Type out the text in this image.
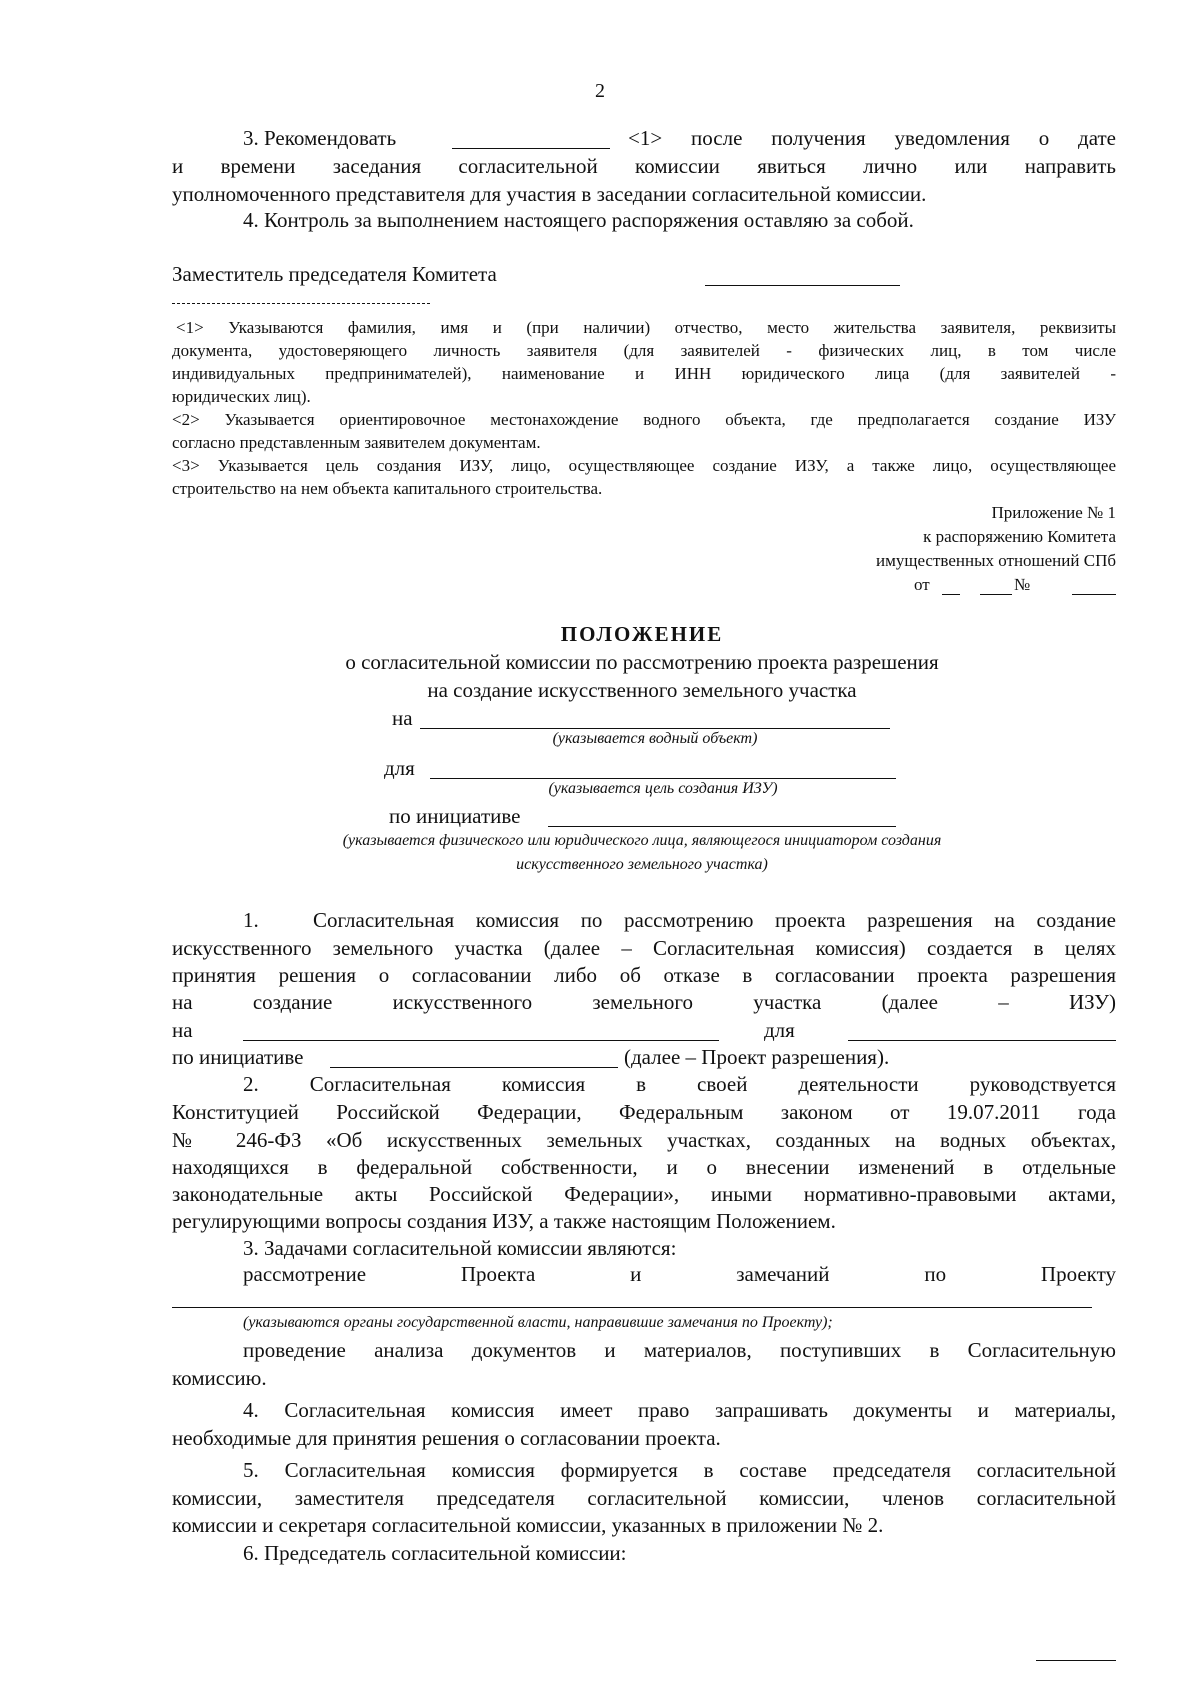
2
3. Рекомендовать	<1> после получения уведомления о дате
и времени заседания согласительной комиссии явиться лично или направить
уполномоченного представителя для участия в заседании согласительной комиссии.
4. Контроль за выполнением настоящего распоряжения оставляю за собой.
Заместитель председателя Комитета
<1> Указываются фамилия, имя и (при наличии) отчество, место жительства заявителя, реквизиты
документа, удостоверяющего личность заявителя (для заявителей - физических лиц, в том числе
индивидуальных предпринимателей), наименование и ИНН юридического лица (для заявителей -
юридических лиц).
<2> Указывается ориентировочное местонахождение водного объекта, где предполагается создание ИЗУ
согласно представленным заявителем документам.
<3> Указывается цель создания ИЗУ, лицо, осуществляющее создание ИЗУ, а также лицо, осуществляющее
строительство на нем объекта капитального строительства.
Приложение № 1
к распоряжению Комитета
имущественных отношений СПб
от	№
ПОЛОЖЕНИЕ
о согласительной комиссии по рассмотрению проекта разрешения
на создание искусственного земельного участка
на
(указывается водный объект)
для
(указывается цель создания ИЗУ)
по инициативе
(указывается физического или юридического лица, являющегося инициатором создания
искусственного земельного участка)
1.	Согласительная комиссия по рассмотрению проекта разрешения на создание
искусственного земельного участка (далее – Согласительная комиссия) создается в целях
принятия решения о согласовании либо об отказе в согласовании проекта разрешения
на создание искусственного земельного участка (далее – ИЗУ)
на	для
по инициативе	(далее – Проект разрешения).
2. Согласительная комиссия в своей деятельности руководствуется
Конституцией Российской Федерации, Федеральным законом от 19.07.2011 года
№ 246-ФЗ «Об искусственных земельных участках, созданных на водных объектах,
находящихся в федеральной собственности, и о внесении изменений в отдельные
законодательные акты Российской Федерации», иными нормативно-правовыми актами,
регулирующими вопросы создания ИЗУ, а также настоящим Положением.
3. Задачами согласительной комиссии являются:
рассмотрение Проекта и замечаний по Проекту
(указываются органы государственной власти, направившие замечания по Проекту);
проведение анализа документов и материалов, поступивших в Согласительную
комиссию.
4. Согласительная комиссия имеет право запрашивать документы и материалы,
необходимые для принятия решения о согласовании проекта.
5. Согласительная комиссия формируется в составе председателя согласительной
комиссии, заместителя председателя согласительной комиссии, членов согласительной
комиссии и секретаря согласительной комиссии, указанных в приложении № 2.
6. Председатель согласительной комиссии:
